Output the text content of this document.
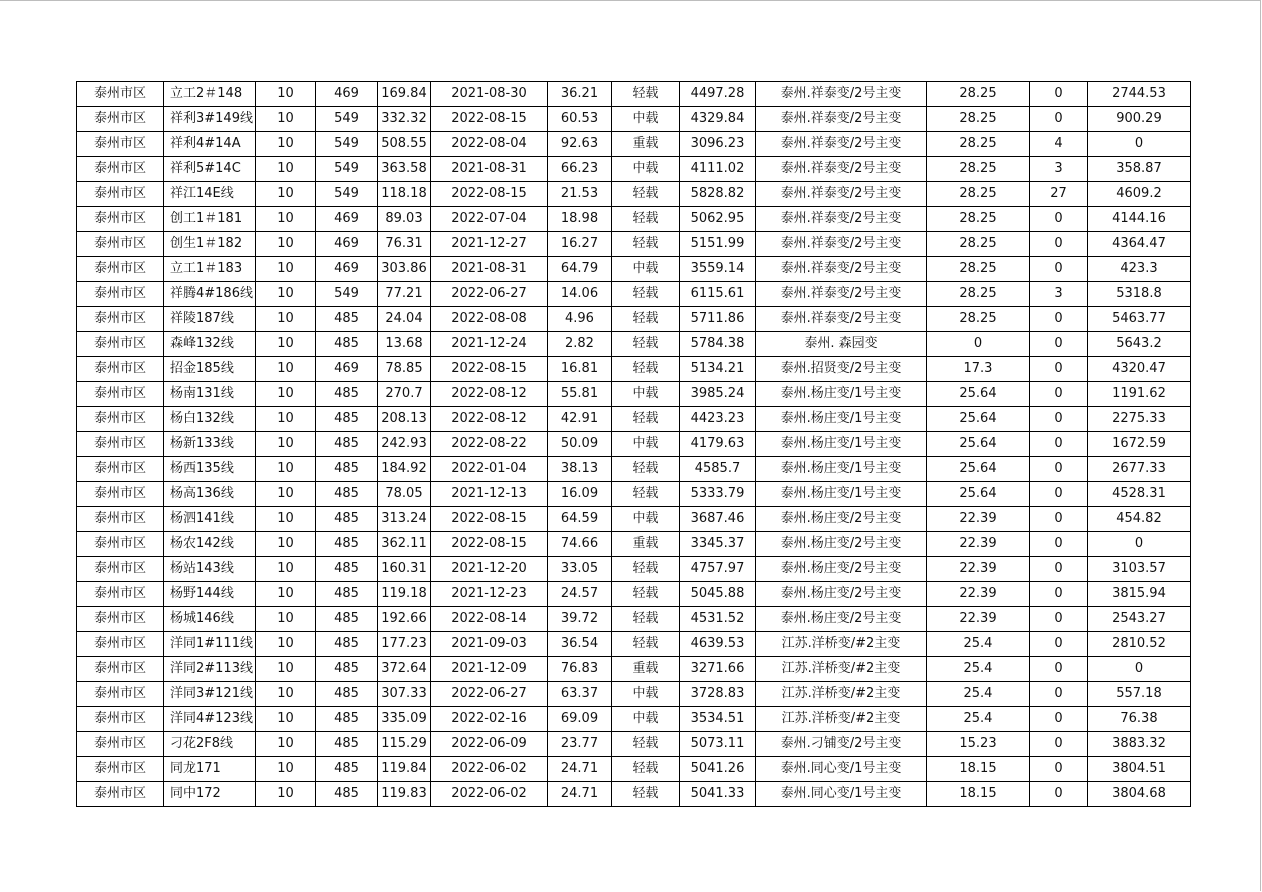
泰州市区	立工2＃148	10	469	169.84	2021-08-30	36.21	轻载	4497.28	泰州.祥泰变/2号主变	28.25	0	2744.53
泰州市区	祥利3#149线	10	549	332.32	2022-08-15	60.53	中载	4329.84	泰州.祥泰变/2号主变	28.25	0	900.29
泰州市区	祥利4#14A	10	549	508.55	2022-08-04	92.63	重载	3096.23	泰州.祥泰变/2号主变	28.25	4	0
泰州市区	祥利5#14C	10	549	363.58	2021-08-31	66.23	中载	4111.02	泰州.祥泰变/2号主变	28.25	3	358.87
泰州市区	祥江14E线	10	549	118.18	2022-08-15	21.53	轻载	5828.82	泰州.祥泰变/2号主变	28.25	27	4609.2
泰州市区	创工1＃181	10	469	89.03	2022-07-04	18.98	轻载	5062.95	泰州.祥泰变/2号主变	28.25	0	4144.16
泰州市区	创生1＃182	10	469	76.31	2021-12-27	16.27	轻载	5151.99	泰州.祥泰变/2号主变	28.25	0	4364.47
泰州市区	立工1＃183	10	469	303.86	2021-08-31	64.79	中载	3559.14	泰州.祥泰变/2号主变	28.25	0	423.3
泰州市区	祥腾4#186线	10	549	77.21	2022-06-27	14.06	轻载	6115.61	泰州.祥泰变/2号主变	28.25	3	5318.8
泰州市区	祥陵187线	10	485	24.04	2022-08-08	4.96	轻载	5711.86	泰州.祥泰变/2号主变	28.25	0	5463.77
泰州市区	森峰132线	10	485	13.68	2021-12-24	2.82	轻载	5784.38	泰州. 森园变	0	0	5643.2
泰州市区	招金185线	10	469	78.85	2022-08-15	16.81	轻载	5134.21	泰州.招贤变/2号主变	17.3	0	4320.47
泰州市区	杨南131线	10	485	270.7	2022-08-12	55.81	中载	3985.24	泰州.杨庄变/1号主变	25.64	0	1191.62
泰州市区	杨白132线	10	485	208.13	2022-08-12	42.91	轻载	4423.23	泰州.杨庄变/1号主变	25.64	0	2275.33
泰州市区	杨新133线	10	485	242.93	2022-08-22	50.09	中载	4179.63	泰州.杨庄变/1号主变	25.64	0	1672.59
泰州市区	杨西135线	10	485	184.92	2022-01-04	38.13	轻载	4585.7	泰州.杨庄变/1号主变	25.64	0	2677.33
泰州市区	杨高136线	10	485	78.05	2021-12-13	16.09	轻载	5333.79	泰州.杨庄变/1号主变	25.64	0	4528.31
泰州市区	杨泗141线	10	485	313.24	2022-08-15	64.59	中载	3687.46	泰州.杨庄变/2号主变	22.39	0	454.82
泰州市区	杨农142线	10	485	362.11	2022-08-15	74.66	重载	3345.37	泰州.杨庄变/2号主变	22.39	0	0
泰州市区	杨站143线	10	485	160.31	2021-12-20	33.05	轻载	4757.97	泰州.杨庄变/2号主变	22.39	0	3103.57
泰州市区	杨野144线	10	485	119.18	2021-12-23	24.57	轻载	5045.88	泰州.杨庄变/2号主变	22.39	0	3815.94
泰州市区	杨城146线	10	485	192.66	2022-08-14	39.72	轻载	4531.52	泰州.杨庄变/2号主变	22.39	0	2543.27
泰州市区	洋同1#111线	10	485	177.23	2021-09-03	36.54	轻载	4639.53	江苏.洋桥变/#2主变	25.4	0	2810.52
泰州市区	洋同2#113线	10	485	372.64	2021-12-09	76.83	重载	3271.66	江苏.洋桥变/#2主变	25.4	0	0
泰州市区	洋同3#121线	10	485	307.33	2022-06-27	63.37	中载	3728.83	江苏.洋桥变/#2主变	25.4	0	557.18
泰州市区	洋同4#123线	10	485	335.09	2022-02-16	69.09	中载	3534.51	江苏.洋桥变/#2主变	25.4	0	76.38
泰州市区	刁花2F8线	10	485	115.29	2022-06-09	23.77	轻载	5073.11	泰州.刁铺变/2号主变	15.23	0	3883.32
泰州市区	同龙171	10	485	119.84	2022-06-02	24.71	轻载	5041.26	泰州.同心变/1号主变	18.15	0	3804.51
泰州市区	同中172	10	485	119.83	2022-06-02	24.71	轻载	5041.33	泰州.同心变/1号主变	18.15	0	3804.68
